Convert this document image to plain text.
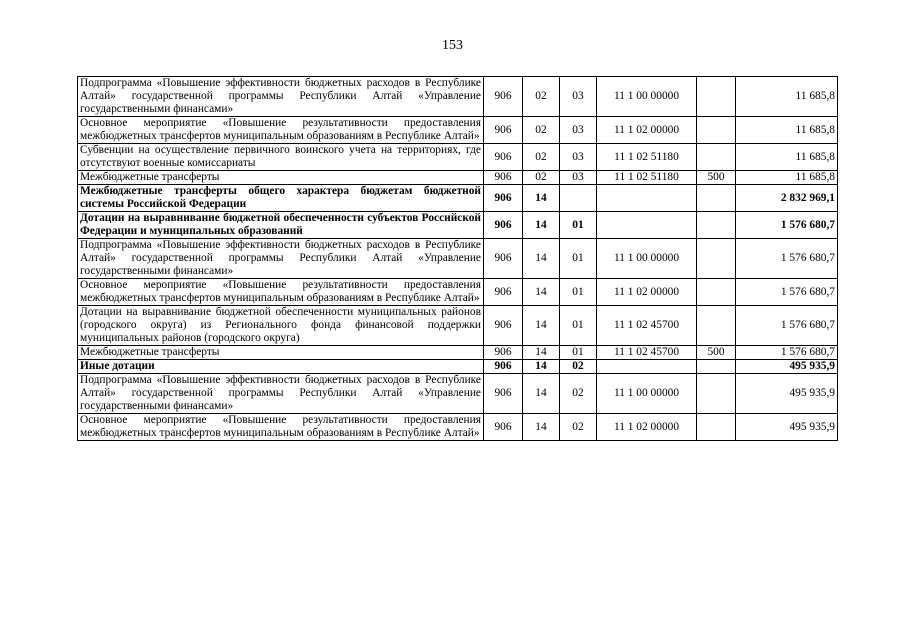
153
Подпрограмма «Повышение эффективности бюджетных расходов в Республике Алтай» государственной программы Республики Алтай «Управление государственными финансами»	906	02	03	11 1 00 00000		11 685,8
Основное мероприятие «Повышение результативности предоставления межбюджетных трансфертов муниципальным образованиям в Республике Алтай»	906	02	03	11 1 02 00000		11 685,8
Субвенции на осуществление первичного воинского учета на территориях, где отсутствуют военные комиссариаты	906	02	03	11 1 02 51180		11 685,8
Межбюджетные трансферты	906	02	03	11 1 02 51180	500	11 685,8
Межбюджетные трансферты общего характера бюджетам бюджетной системы Российской Федерации	906	14				2 832 969,1
Дотации на выравнивание бюджетной обеспеченности субъектов Российской Федерации и муниципальных образований	906	14	01			1 576 680,7
Подпрограмма «Повышение эффективности бюджетных расходов в Республике Алтай» государственной программы Республики Алтай «Управление государственными финансами»	906	14	01	11 1 00 00000		1 576 680,7
Основное мероприятие «Повышение результативности предоставления межбюджетных трансфертов муниципальным образованиям в Республике Алтай»	906	14	01	11 1 02 00000		1 576 680,7
Дотации на выравнивание бюджетной обеспеченности муниципальных районов (городского округа) из Регионального фонда финансовой поддержки муниципальных районов (городского округа)	906	14	01	11 1 02 45700		1 576 680,7
Межбюджетные трансферты	906	14	01	11 1 02 45700	500	1 576 680,7
Иные дотации	906	14	02			495 935,9
Подпрограмма «Повышение эффективности бюджетных расходов в Республике Алтай» государственной программы Республики Алтай «Управление государственными финансами»	906	14	02	11 1 00 00000		495 935,9
Основное мероприятие «Повышение результативности предоставления межбюджетных трансфертов муниципальным образованиям в Республике Алтай»	906	14	02	11 1 02 00000		495 935,9
